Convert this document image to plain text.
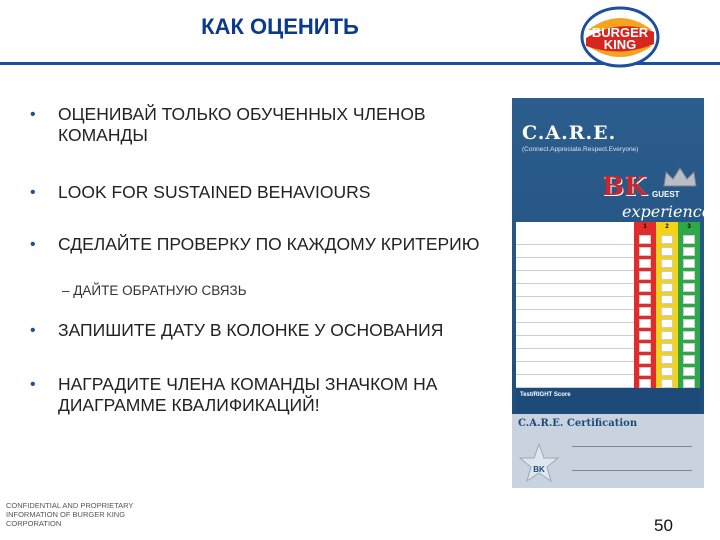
КАК ОЦЕНИТЬ	BURGER
KING
• ОЦЕНИВАЙ ТОЛЬКО ОБУЧЕННЫХ ЧЛЕНОВ КОМАНДЫ
• LOOK FOR SUSTAINED BEHAVIOURS
• СДЕЛАЙТЕ ПРОВЕРКУ ПО КАЖДОМУ КРИТЕРИЮ
• ЗАПИШИТЕ ДАТУ В КОЛОНКЕ У ОСНОВАНИЯ
• НАГРАДИТЕ ЧЛЕНА КОМАНДЫ ЗНАЧКОМ НА ДИАГРАММЕ КВАЛИФИКАЦИЙ!
– ДАЙТЕ ОБРАТНУЮ СВЯЗЬ
C.A.R.E.
(Connect.Appreciate.Respect.Everyone)
BK GUEST
experience
1	2	3
Test/RIGHT Score
C.A.R.E. Certification
BK
CONFIDENTIAL AND PROPRIETARY INFORMATION OF BURGER KING CORPORATION	50
